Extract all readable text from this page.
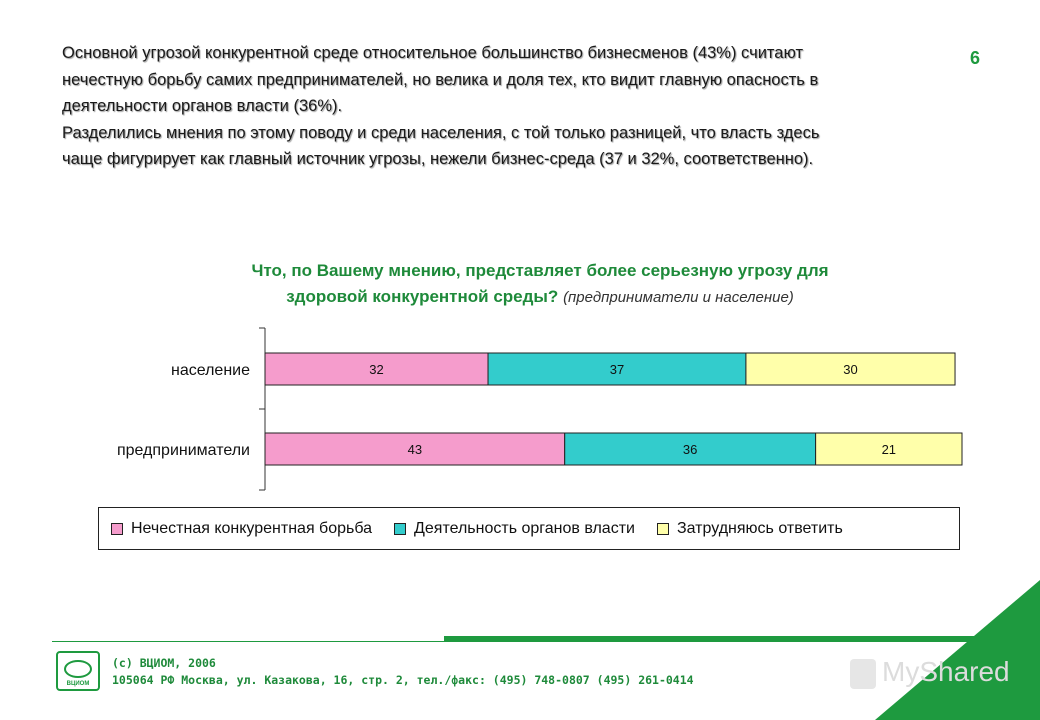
Основной угрозой конкурентной среде относительное большинство бизнесменов (43%) считают

нечестную борьбу самих предпринимателей, но велика и доля тех, кто видит главную опасность в

деятельности органов власти (36%).

Разделились мнения по этому поводу и среди населения, с той только разницей, что власть здесь

чаще фигурирует как главный источник угрозы, нежели бизнес-среда (37 и 32%, соответственно).

6
Что, по Вашему мнению, представляет более серьезную угрозу для
здоровой конкурентной среды? (предприниматели и население)
население	32	37	30
предприниматели	43	36	21
Нечестная конкурентная борьба	Деятельность органов власти	Затрудняюсь ответить
ВЦИОМ
(с) ВЦИОМ, 2006
105064 РФ Москва, ул. Казакова, 16, стр. 2, тел./факс: (495) 748-0807 (495) 261-0414	MyShared
